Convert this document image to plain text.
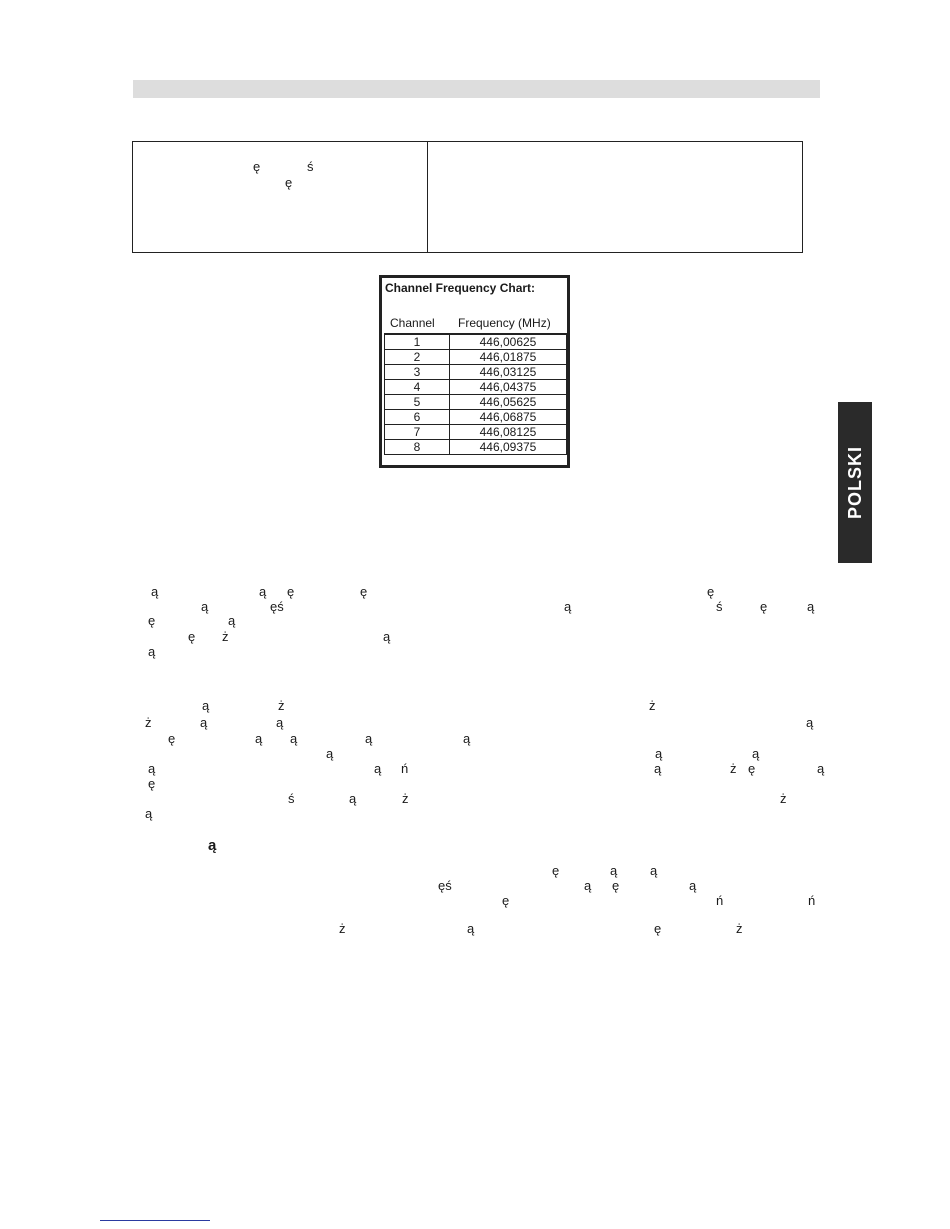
ę	ś
ę
Channel Frequency Chart:
Channel Frequency (MHz)
1	446,00625
2	446,01875
3	446,03125
4	446,04375
5	446,05625
6	446,06875
7	446,08125
8	446,09375	POLSKI
ą	ą ę	ę	ę
ą	ęś	ą	ś	ę	ą
ę	ą
ę ż	ą
ą
ą	ż	ż
ż	ą	ą	ą
ę	ą ą	ą	ą
ą	ą	ą
ą	ń
ą	ą	ż ę	ą
ę
ś	ą	ż	ż
ą
ą
ę	ą	ą
ęś	ą ę	ą
ę	ń	ń
ż	ą	ę	ż
